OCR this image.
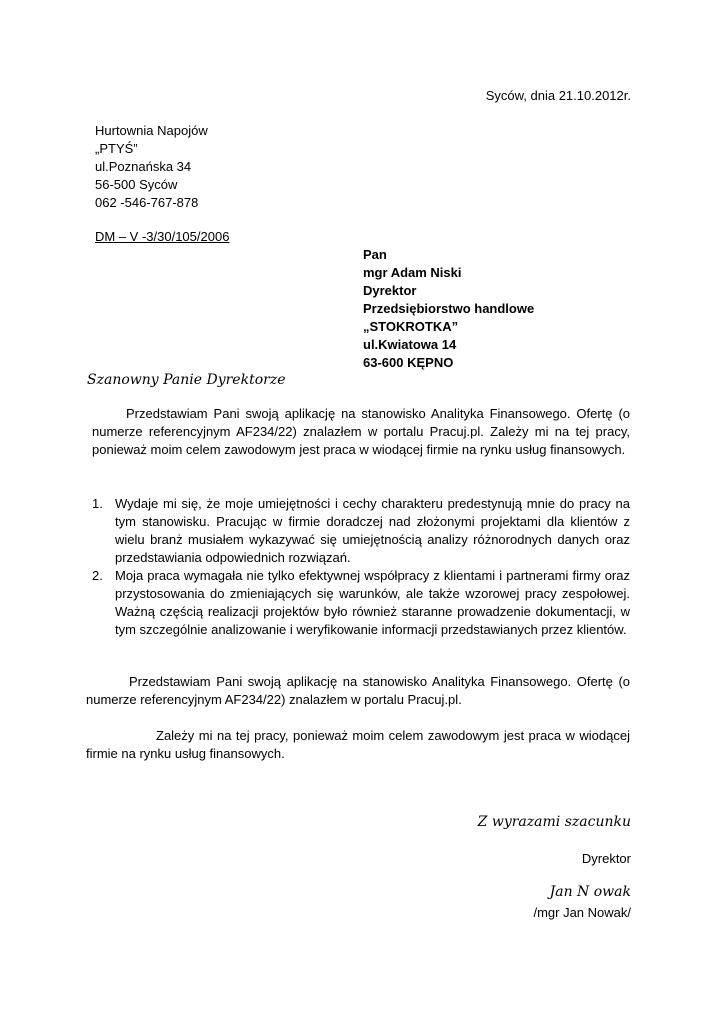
Syców, dnia 21.10.2012r.
Hurtownia Napojów
„PTYŚ”
ul.Poznańska 34
56-500 Syców
062 -546-767-878
DM – V -3/30/105/2006
Pan
mgr Adam Niski
Dyrektor
Przedsiębiorstwo handlowe
„STOKROTKA”
ul.Kwiatowa 14
63-600 KĘPNO
Szanowny Panie Dyrektorze

Przedstawiam Pani swoją aplikację na stanowisko Analityka Finansowego. Ofertę (o numerze referencyjnym AF234/22) znalazłem w portalu Pracuj.pl. Zależy mi na tej pracy, ponieważ moim celem zawodowym jest praca w wiodącej firmie na rynku usług finansowych.

1. Wydaje mi się, że moje umiejętności i cechy charakteru predestynują mnie do pracy na tym stanowisku. Pracując w firmie doradczej nad złożonymi projektami dla klientów z wielu branż musiałem wykazywać się umiejętnością analizy różnorodnych danych oraz przedstawiania odpowiednich rozwiązań.
2. Moja praca wymagała nie tylko efektywnej współpracy z klientami i partnerami firmy oraz przystosowania do zmieniających się warunków, ale także wzorowej pracy zespołowej. Ważną częścią realizacji projektów było również staranne prowadzenie dokumentacji, w tym szczególnie analizowanie i weryfikowanie informacji przedstawianych przez klientów.

Przedstawiam Pani swoją aplikację na stanowisko Analityka Finansowego. Ofertę (o numerze referencyjnym AF234/22) znalazłem w portalu Pracuj.pl.

Zależy mi na tej pracy, ponieważ moim celem zawodowym jest praca w wiodącej firmie na rynku usług finansowych.

Z wyrazami szacunku
Dyrektor
Jan N owak
/mgr Jan Nowak/
